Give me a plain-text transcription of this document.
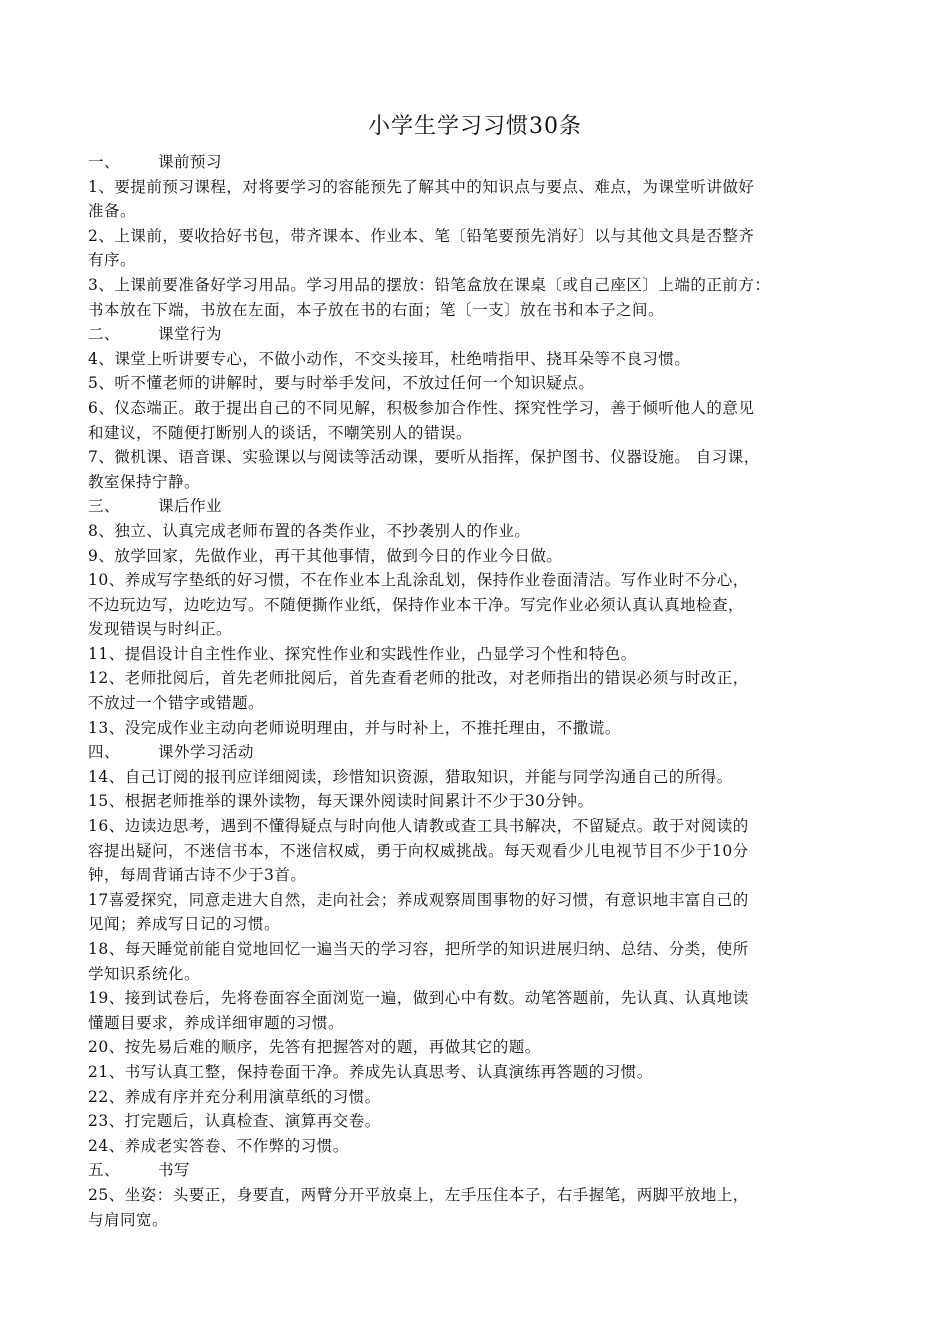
小学生学习习惯30条
一、 课前预习
1、要提前预习课程，对将要学习的容能预先了解其中的知识点与要点、难点，为课堂听讲做好
准备。
2、上课前，要收拾好书包，带齐课本、作业本、笔〔铅笔要预先消好〕以与其他文具是否整齐
有序。
3、上课前要准备好学习用品。学习用品的摆放：铅笔盒放在课桌〔或自己座区〕上端的正前方：
书本放在下端，书放在左面，本子放在书的右面；笔〔一支〕放在书和本子之间。
二、 课堂行为
4、课堂上听讲要专心，不做小动作，不交头接耳，杜绝啃指甲、挠耳朵等不良习惯。
5、听不懂老师的讲解时，要与时举手发问，不放过任何一个知识疑点。
6、仪态端正。敢于提出自己的不同见解，积极参加合作性、探究性学习，善于倾听他人的意见
和建议，不随便打断别人的谈话，不嘲笑别人的错误。
7、微机课、语音课、实验课以与阅读等活动课，要听从指挥，保护图书、仪器设施。 自习课，
教室保持宁静。
三、 课后作业
8、独立、认真完成老师布置的各类作业，不抄袭别人的作业。
9、放学回家，先做作业，再干其他事情，做到今日的作业今日做。
10、养成写字垫纸的好习惯，不在作业本上乱涂乱划，保持作业卷面清洁。写作业时不分心，
不边玩边写，边吃边写。不随便撕作业纸，保持作业本干净。写完作业必须认真认真地检查，
发现错误与时纠正。
11、提倡设计自主性作业、探究性作业和实践性作业，凸显学习个性和特色。
12、老师批阅后，首先老师批阅后，首先查看老师的批改，对老师指出的错误必须与时改正，
不放过一个错字或错题。
13、没完成作业主动向老师说明理由，并与时补上，不推托理由，不撒谎。
四、 课外学习活动
14、自己订阅的报刊应详细阅读，珍惜知识资源，猎取知识，并能与同学沟通自己的所得。
15、根据老师推举的课外读物，每天课外阅读时间累计不少于30分钟。
16、边读边思考，遇到不懂得疑点与时向他人请教或查工具书解决，不留疑点。敢于对阅读的
容提出疑问，不迷信书本，不迷信权威，勇于向权威挑战。每天观看少儿电视节目不少于10分
钟，每周背诵古诗不少于3首。
17喜爱探究，同意走进大自然，走向社会；养成观察周围事物的好习惯，有意识地丰富自己的
见闻；养成写日记的习惯。
18、每天睡觉前能自觉地回忆一遍当天的学习容，把所学的知识进展归纳、总结、分类，使所
学知识系统化。
19、接到试卷后，先将卷面容全面浏览一遍，做到心中有数。动笔答题前，先认真、认真地读
懂题目要求，养成详细审题的习惯。
20、按先易后难的顺序，先答有把握答对的题，再做其它的题。
21、书写认真工整，保持卷面干净。养成先认真思考、认真演练再答题的习惯。
22、养成有序并充分利用演草纸的习惯。
23、打完题后，认真检查、演算再交卷。
24、养成老实答卷、不作弊的习惯。
五、 书写
25、坐姿：头要正，身要直，两臂分开平放桌上，左手压住本子，右手握笔，两脚平放地上，
与肩同宽。
